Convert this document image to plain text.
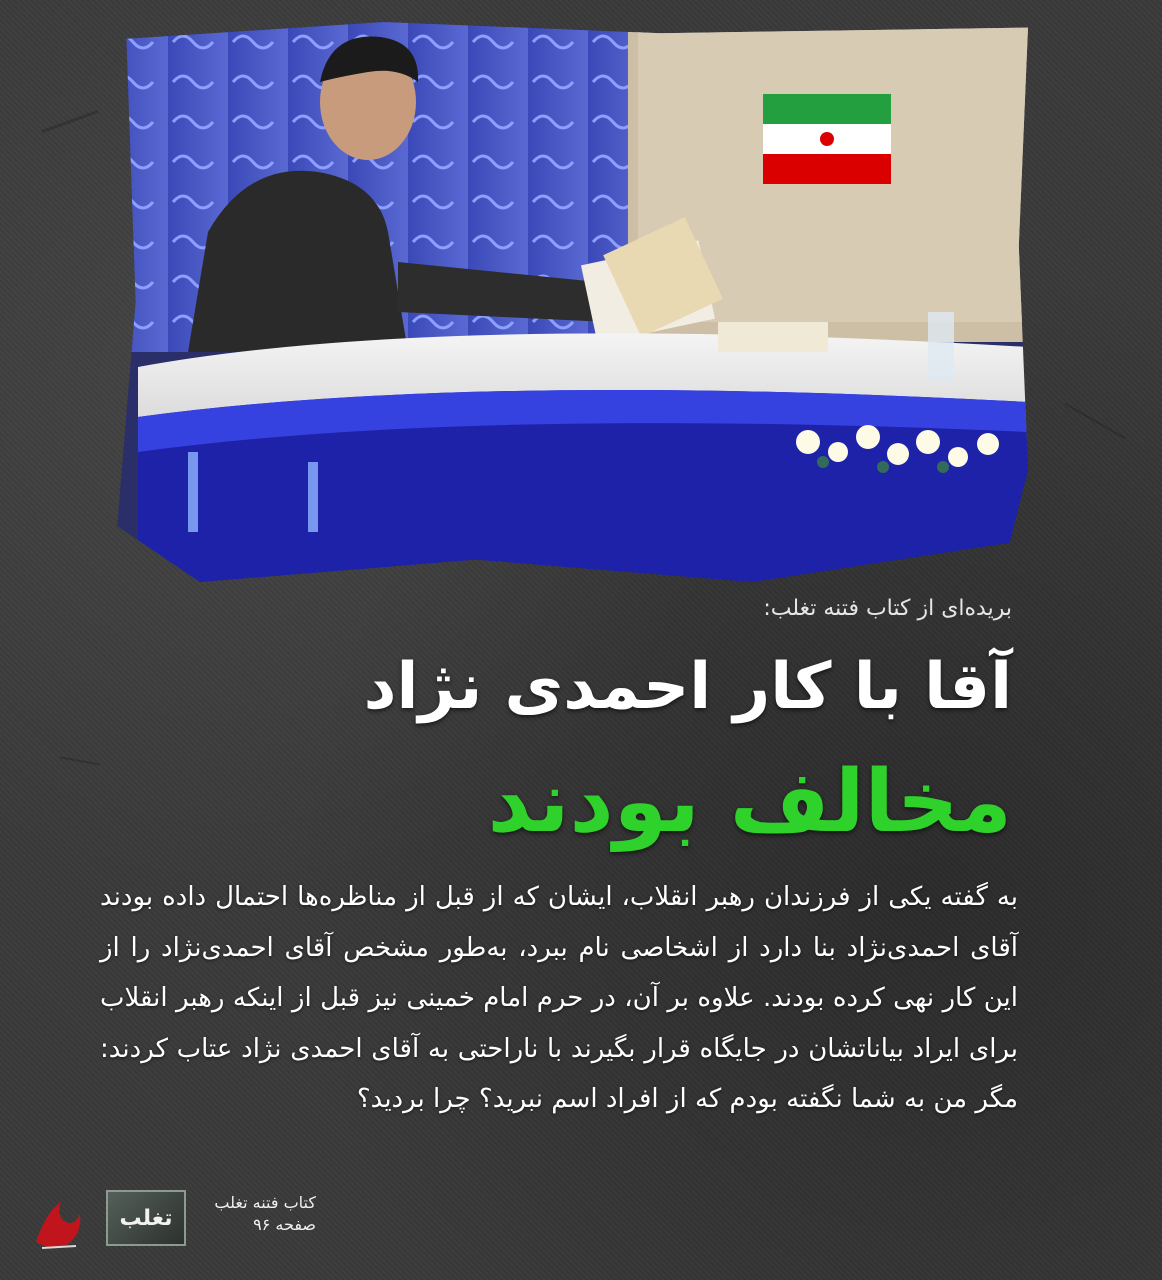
بریده‌ای از کتاب فتنه تغلب:
آقا با کار احمدی نژاد
مخالف بودند
به گفته یکی از فرزندان رهبر انقلاب، ایشان که از قبل از مناظره‌ها احتمال داده بودند آقای احمدی‌نژاد بنا دارد از اشخاصی نام ببرد، به‌طور مشخص آقای احمدی‌نژاد را از این کار نهی کرده بودند. علاوه بر آن، در حرم امام خمینی نیز قبل از اینکه رهبر انقلاب برای ایراد بیاناتشان در جایگاه قرار بگیرند با ناراحتی به آقای احمدی نژاد عتاب کردند: مگر من به شما نگفته بودم که از افراد اسم نبرید؟ چرا بردید؟
تغلب
کتاب فتنه تغلب
صفحه ۹۶
